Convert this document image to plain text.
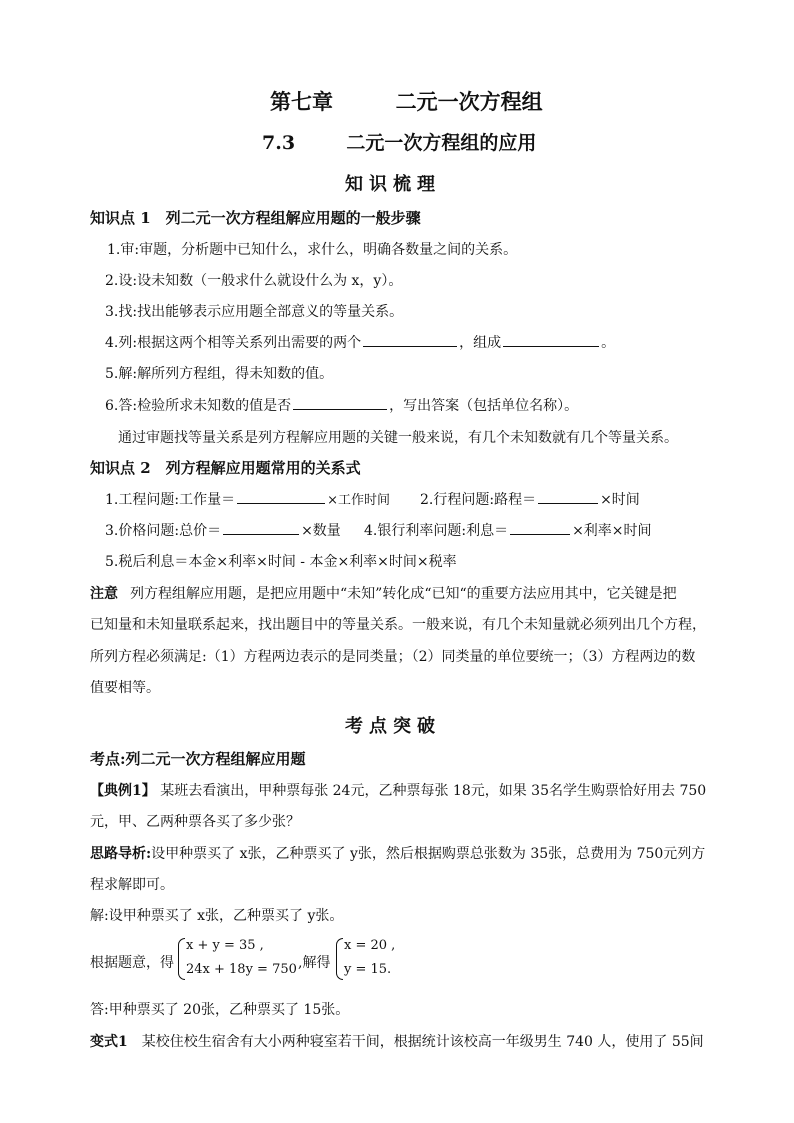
第七章	二元一次方程组
7.3	二元一次方程组的应用
知识梳理
知识点 1　列二元一次方程组解应用题的一般步骤
1.审:审题，分析题中已知什么，求什么，明确各数量之间的关系。
2.设:设未知数（一般求什么就设什么为 x，y）。
3.找:找出能够表示应用题全部意义的等量关系。
4.列:根据这两个相等关系列出需要的两个	，组成	。
5.解:解所列方程组，得未知数的值。
6.答:检验所求未知数的值是否	，写出答案（包括单位名称）。
通过审题找等量关系是列方程解应用题的关键一般来说，有几个未知数就有几个等量关系。
知识点 2　列方程解应用题常用的关系式
1.工程问题:工作量＝	×工作时间 2.行程问题:路程＝	×时间
3.价格问题:总价＝	×数量 4.银行利率问题:利息＝	×利率×时间
5.税后利息＝本金×利率×时间 - 本金×利率×时间×税率
注意 列方程组解应用题，是把应用题中“未知”转化成“已知“的重要方法应用其中，它关键是把
已知量和未知量联系起来，找出题目中的等量关系。一般来说，有几个未知量就必须列出几个方程，
所列方程必须满足:（1）方程两边表示的是同类量；（2）同类量的单位要统一；（3）方程两边的数
值要相等。
考点突破
考点:列二元一次方程组解应用题
【典例1】 某班去看演出，甲种票每张 24元，乙种票每张 18元，如果 35名学生购票恰好用去 750
元，甲、乙两种票各买了多少张？
思路导析:设甲种票买了 x张，乙种票买了 y张，然后根据购票总张数为 35张，总费用为 750元列方
程求解即可。
解:设甲种票买了 x张，乙种票买了 y张。
根据题意，得
x + y = 35 ,
24x + 18y = 750 ,解得
x = 20 ,
y = 15.
答:甲种票买了 20张，乙种票买了 15张。
变式1　某校住校生宿舍有大小两种寝室若干间，根据统计该校高一年级男生 740 人，使用了 55间
